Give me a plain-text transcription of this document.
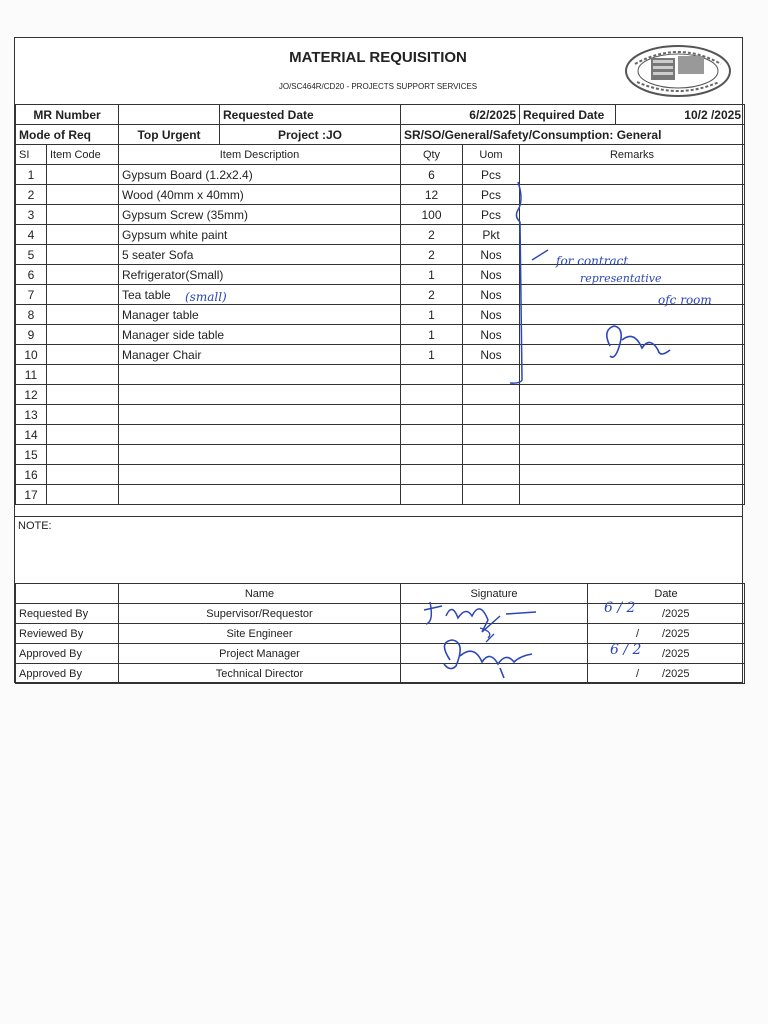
MATERIAL REQUISITION
JO/SC464R/CD20 - PROJECTS SUPPORT SERVICES
MR Number			Requested Date	6/2/2025		Required Date	10/2 /2025
Mode of Req		Top Urgent	Project :JO	SR/SO/General/Safety/Consumption: General			
SI	Item Code	Item Description		Qty	Uom	Remarks	
1		Gypsum Board (1.2x2.4)		6	Pcs		
2		Wood (40mm x 40mm)		12	Pcs		
3		Gypsum Screw (35mm)		100	Pcs		
4		Gypsum white paint		2	Pkt		
5		5 seater Sofa		2	Nos		
6		Refrigerator(Small)		1	Nos		
7		Tea table		2	Nos		
8		Manager table		1	Nos		
9		Manager side table		1	Nos		
10		Manager Chair		1	Nos		
11							
12							
13							
14							
15							
16							
17							
NOTE:
	Name	Signature	Date
Requested By	Supervisor/Requestor		/2025
Reviewed By	Site Engineer		/ /2025
Approved By	Project Manager		/2025
Approved By	Technical Director		/ /2025
(small)
for contract
representative
ofc room
6 / 2
6 / 2
